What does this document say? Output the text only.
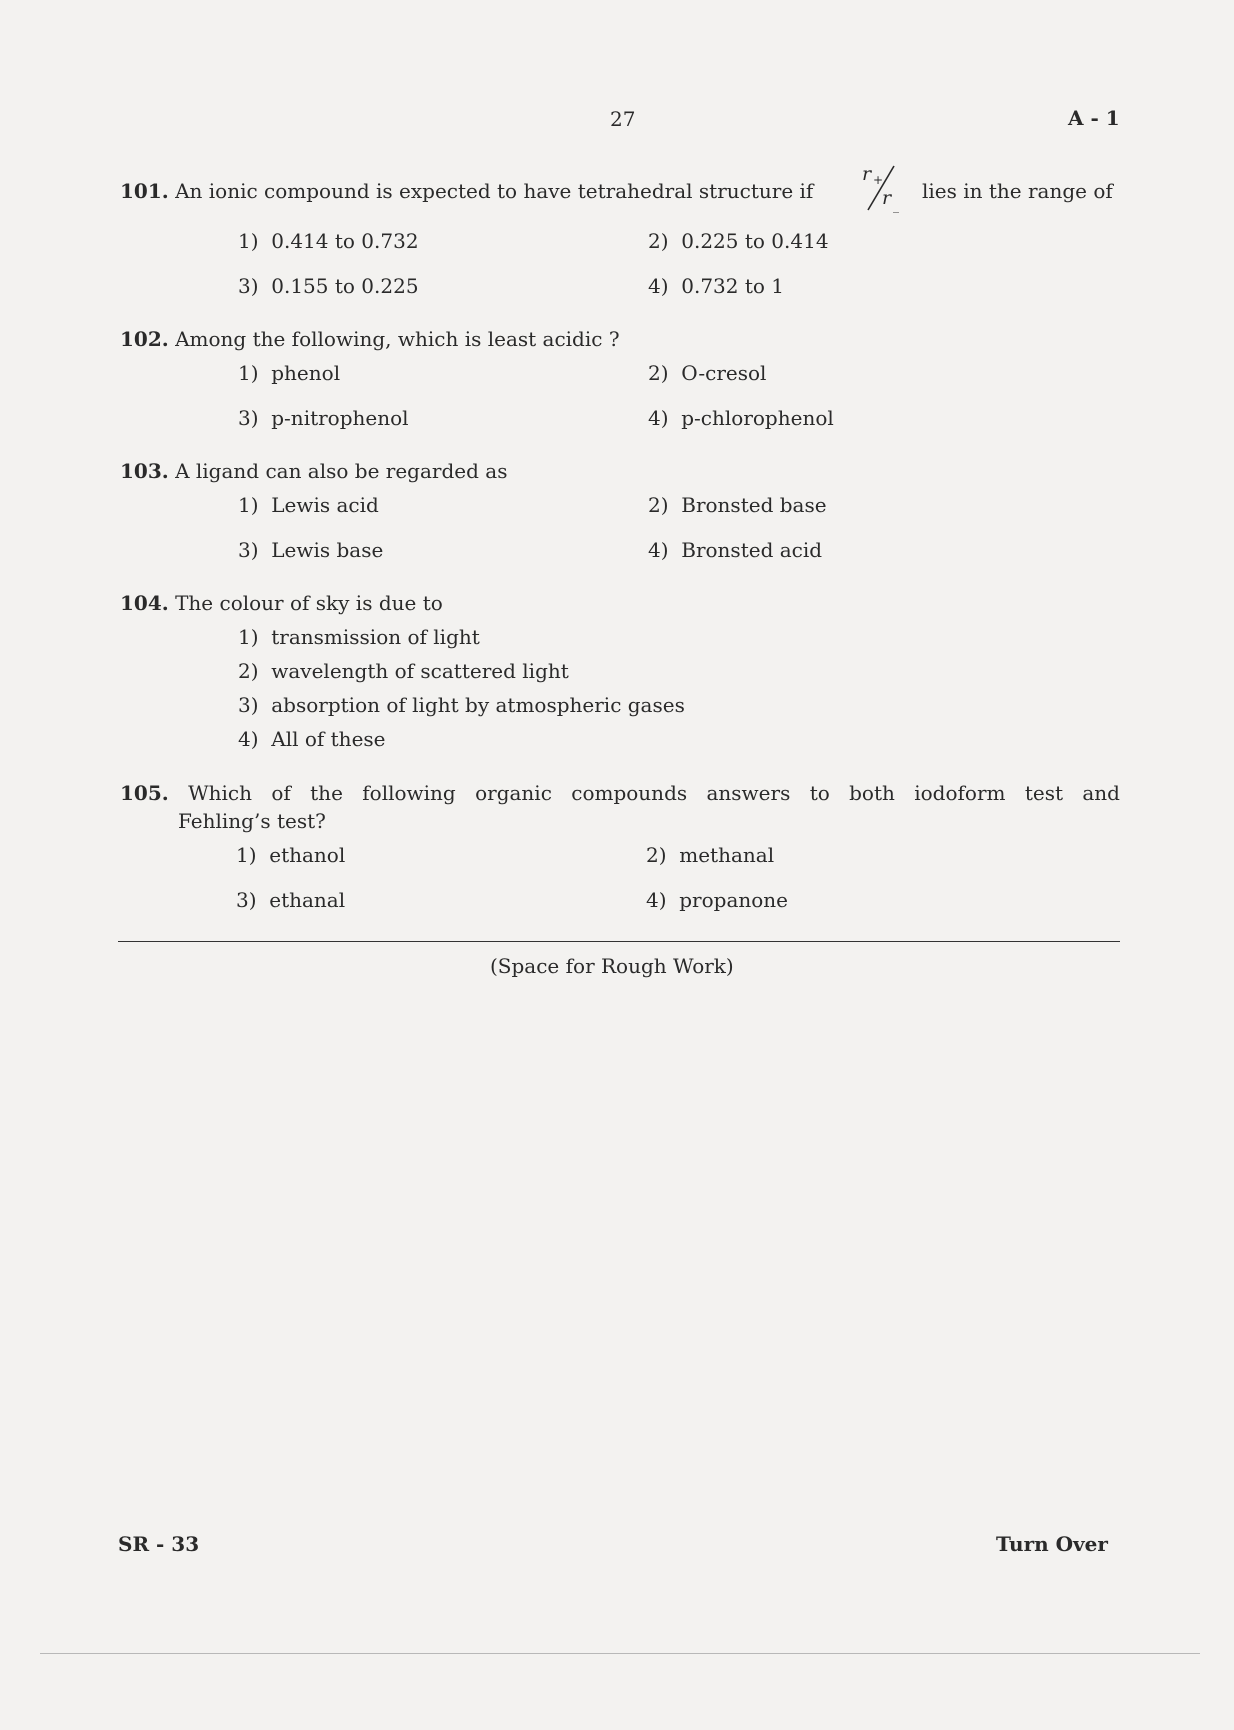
27	A - 1
101. An ionic compound is expected to have tetrahedral structure if
r +
r _
lies in the range of
1) 0.414 to 0.732	2) 0.225 to 0.414
3) 0.155 to 0.225	4) 0.732 to 1
102. Among the following, which is least acidic ?
1) phenol	2) O-cresol
3) p-nitrophenol	4) p-chlorophenol
103. A ligand can also be regarded as
1) Lewis acid	2) Bronsted base
3) Lewis base	4) Bronsted acid
104. The colour of sky is due to
1) transmission of light
2) wavelength of scattered light
3) absorption of light by atmospheric gases
4) All of these
105. Which of the following organic compounds answers to both iodoform test and
Fehling’s test?
1) ethanol	2) methanal
3) ethanal	4) propanone
(Space for Rough Work)
SR - 33	Turn Over
